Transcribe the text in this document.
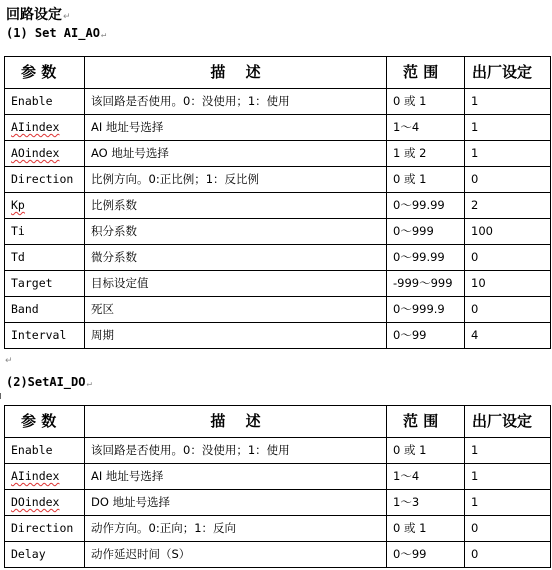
回路设定↵
(1) Set AI_AO↵
参 数	描　 述	范 围	出厂设定
Enable	该回路是否使用。0：没使用；1：使用	0 或 1	1
AIindex	AI 地址号选择	1～4	1
AOindex	AO 地址号选择	1 或 2	1
Direction	比例方向。0:正比例；1：反比例	0 或 1	0
Kp	比例系数	0～99.99	2
Ti	积分系数	0～999	100
Td	微分系数	0～99.99	0
Target	目标设定值	-999～999	10
Band	死区	0～999.9	0
Interval	周期	0～99	4
↵
(2)SetAI_DO↵
参 数	描　 述	范 围	出厂设定
Enable	该回路是否使用。0：没使用；1：使用	0 或 1	1
AIindex	AI 地址号选择	1～4	1
DOindex	DO 地址号选择	1～3	1
Direction	动作方向。0:正向；1：反向	0 或 1	0
Delay	动作延迟时间（S）	0～99	0
